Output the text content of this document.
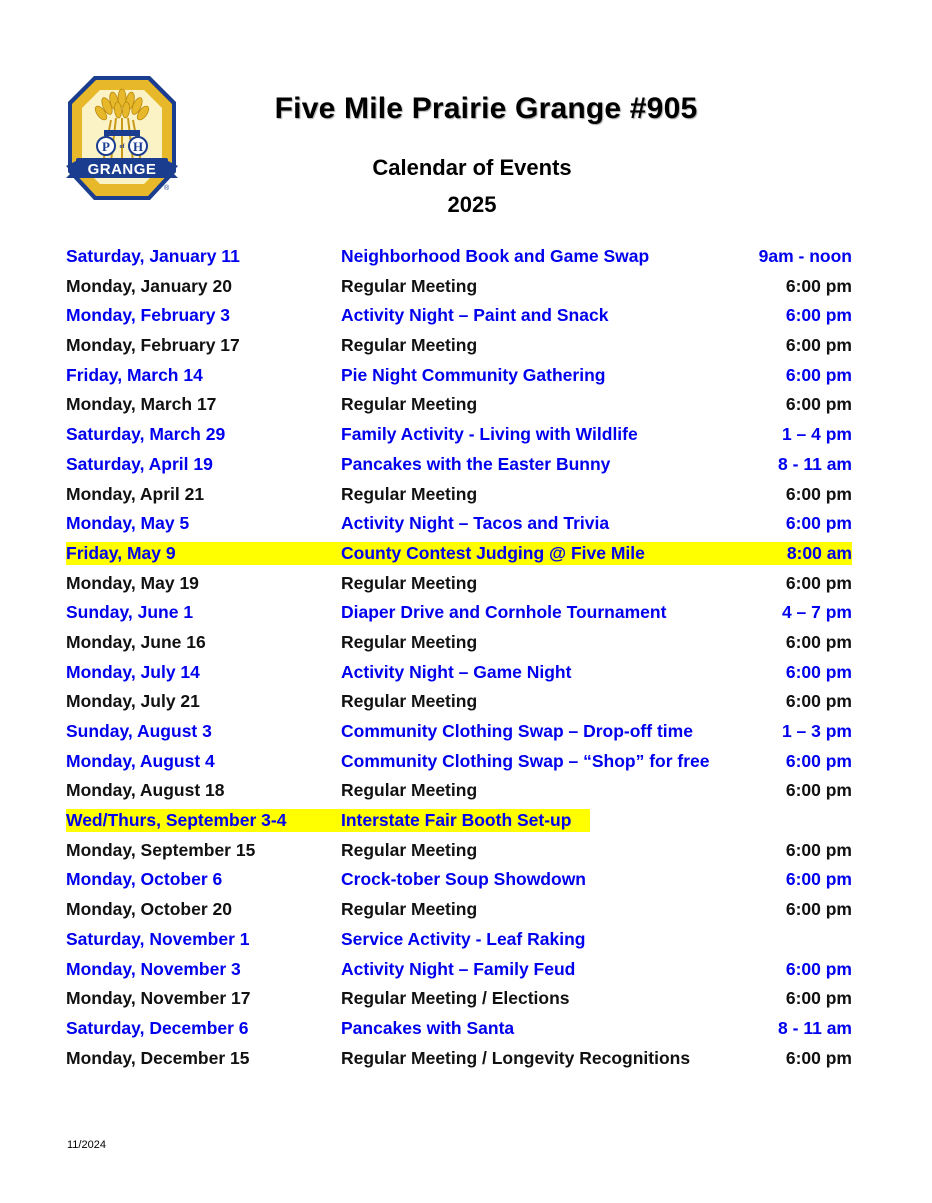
P of H
GRANGE
®
Five Mile Prairie Grange #905
Calendar of Events
2025
Saturday, January 11	Neighborhood Book and Game Swap	9am - noon
Monday, January 20	Regular Meeting	6:00 pm
Monday, February 3	Activity Night – Paint and Snack	6:00 pm
Monday, February 17	Regular Meeting	6:00 pm
Friday, March 14	Pie Night Community Gathering	6:00 pm
Monday, March 17	Regular Meeting	6:00 pm
Saturday, March 29	Family Activity - Living with Wildlife	1 – 4 pm
Saturday, April 19	Pancakes with the Easter Bunny	8 - 11 am
Monday, April 21	Regular Meeting	6:00 pm
Monday, May 5	Activity Night – Tacos and Trivia	6:00 pm
Friday, May 9	County Contest Judging @ Five Mile	8:00 am
Monday, May 19	Regular Meeting	6:00 pm
Sunday, June 1	Diaper Drive and Cornhole Tournament	4 – 7 pm
Monday, June 16	Regular Meeting	6:00 pm
Monday, July 14	Activity Night – Game Night	6:00 pm
Monday, July 21	Regular Meeting	6:00 pm
Sunday, August 3	Community Clothing Swap – Drop-off time	1 – 3 pm
Monday, August 4	Community Clothing Swap – “Shop” for free	6:00 pm
Monday, August 18	Regular Meeting	6:00 pm
Wed/Thurs, September 3-4	Interstate Fair Booth Set-up
Monday, September 15	Regular Meeting	6:00 pm
Monday, October 6	Crock-tober Soup Showdown	6:00 pm
Monday, October 20	Regular Meeting	6:00 pm
Saturday, November 1	Service Activity - Leaf Raking
Monday, November 3	Activity Night – Family Feud	6:00 pm
Monday, November 17	Regular Meeting / Elections	6:00 pm
Saturday, December 6	Pancakes with Santa	8 - 11 am
Monday, December 15	Regular Meeting / Longevity Recognitions	6:00 pm
11/2024
